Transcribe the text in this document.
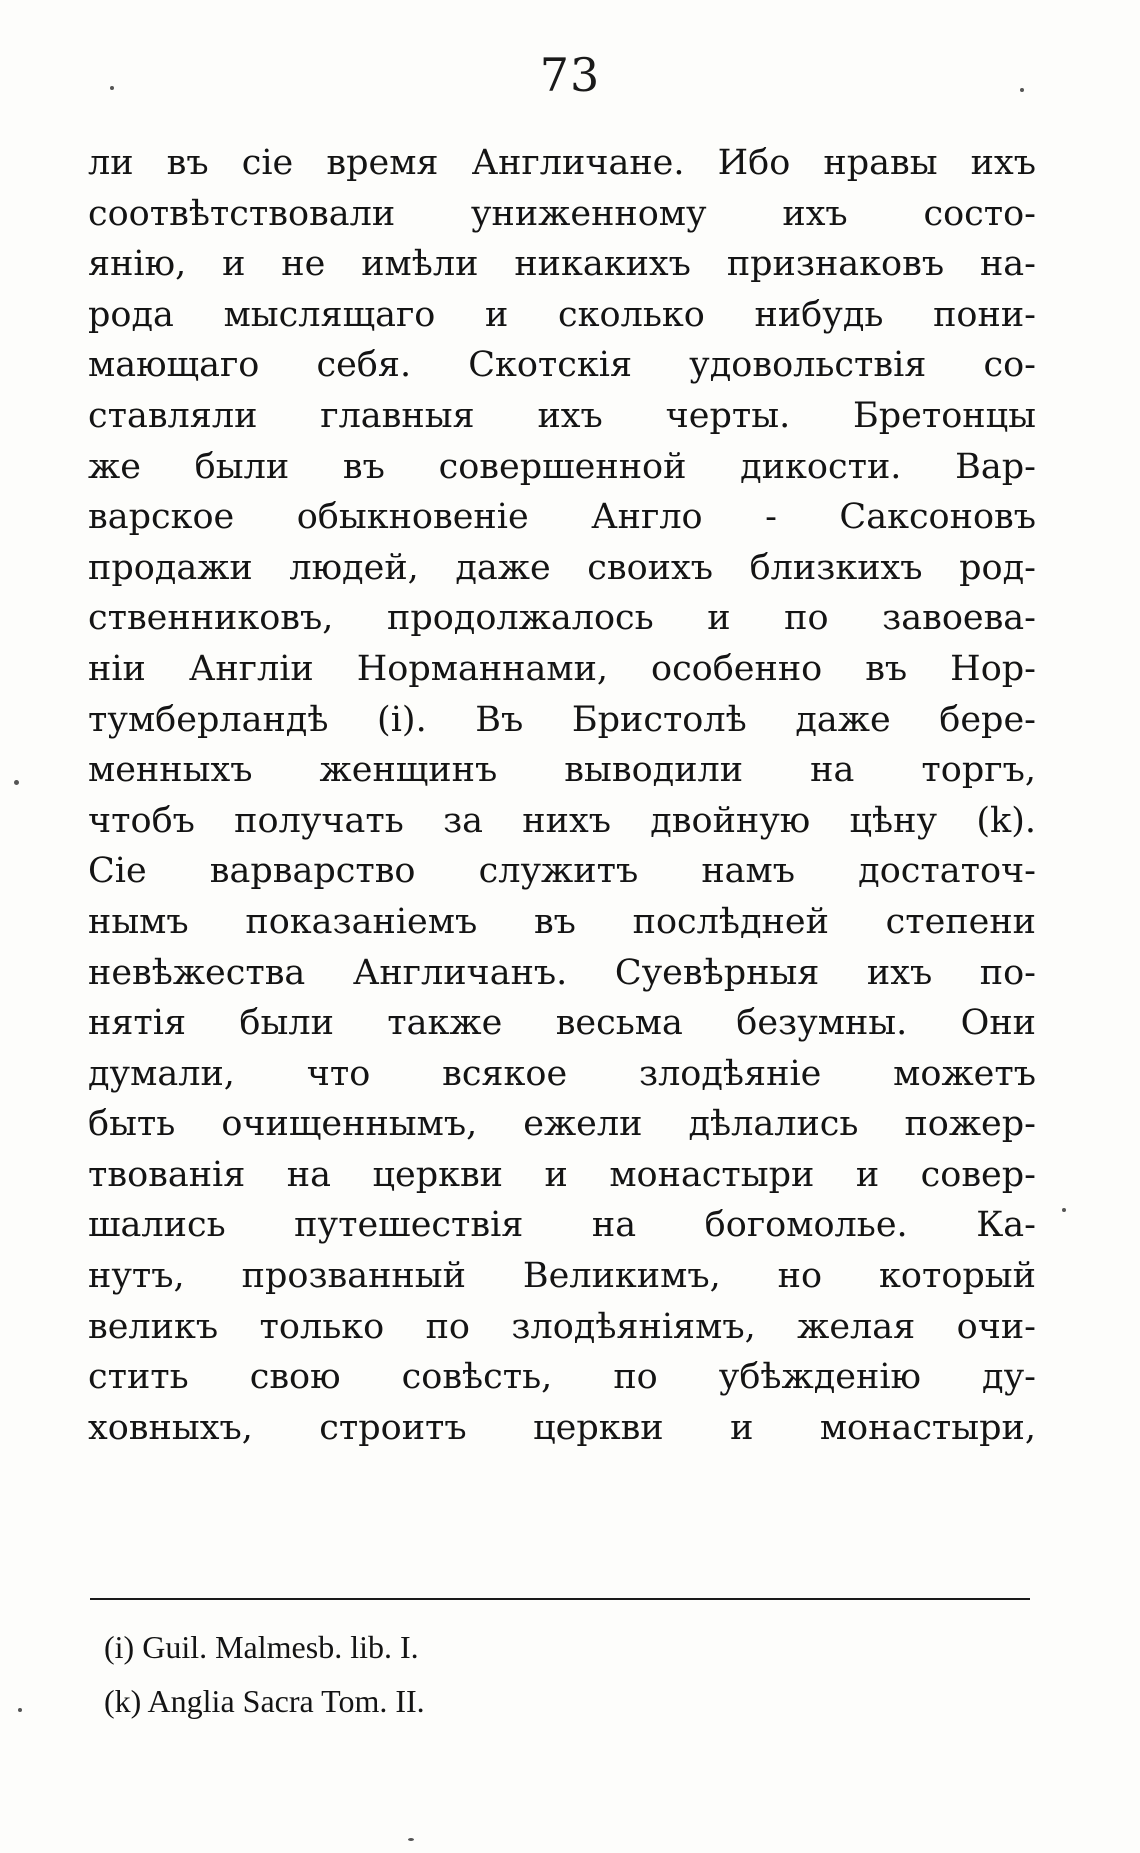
73
ли въ сіе время Англичане. Ибо нравы ихъ
соотвѣтствовали униженному ихъ состо-
янію, и не имѣли никакихъ признаковъ на-
рода мыслящаго и сколько нибудь пони-
мающаго себя. Скотскія удовольствія со-
ставляли главныя ихъ черты. Бретонцы
же были въ совершенной дикости. Вар-
варское обыкновеніе Англо - Саксоновъ
продажи людей, даже своихъ близкихъ род-
ственниковъ, продолжалось и по завоева-
ніи Англіи Норманнами, особенно въ Нор-
тумберландѣ (i). Въ Бристолѣ даже бере-
менныхъ женщинъ выводили на торгъ,
чтобъ получать за нихъ двойную цѣну (k).
Сіе варварство служитъ намъ достаточ-
нымъ показаніемъ въ послѣдней степени
невѣжества Англичанъ. Суевѣрныя ихъ по-
нятія были также весьма безумны. Они
думали, что всякое злодѣяніе можетъ
быть очищеннымъ, ежели дѣлались пожер-
твованія на церкви и монастыри и совер-
шались путешествія на богомолье. Ка-
нутъ, прозванный Великимъ, но который
великъ только по злодѣяніямъ, желая очи-
стить свою совѣсть, по убѣжденію ду-
ховныхъ, строитъ церкви и монастыри,
(i) Guil. Malmesb. lib. I.
(k) Anglia Sacra Tom. II.
